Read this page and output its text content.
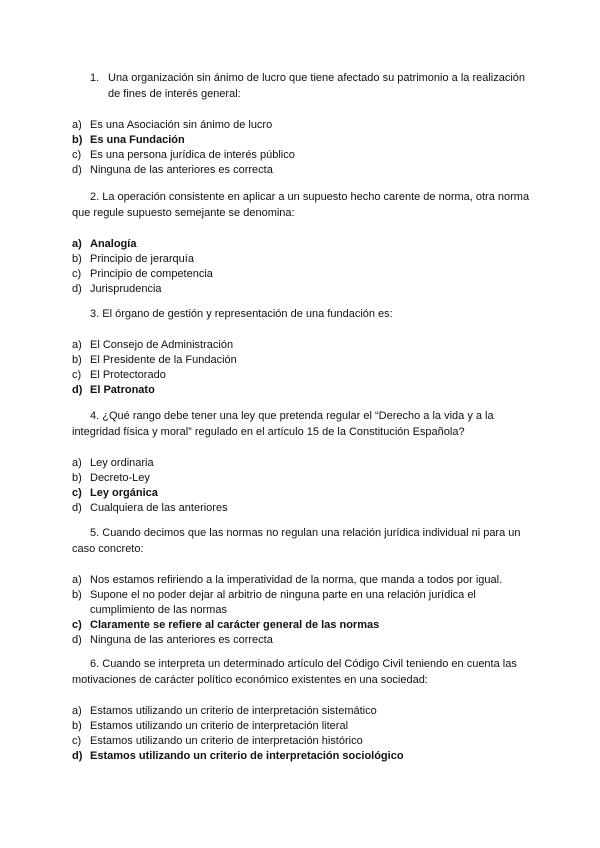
1. Una organización sin ánimo de lucro que tiene afectado su patrimonio a la realización de fines de interés general:
a) Es una Asociación sin ánimo de lucro
b) Es una Fundación
c) Es una persona jurídica de interés público
d) Ninguna de las anteriores es correcta
2. La operación consistente en aplicar a un supuesto hecho carente de norma, otra norma que regule supuesto semejante se denomina:
a) Analogía
b) Principio de jerarquía
c) Principio de competencia
d) Jurisprudencia
3. El órgano de gestión y representación de una fundación es:
a) El Consejo de Administración
b) El Presidente de la Fundación
c) El Protectorado
d) El Patronato
4. ¿Qué rango debe tener una ley que pretenda regular el “Derecho a la vida y a la integridad física y moral” regulado en el artículo 15 de la Constitución Española?
a) Ley ordinaria
b) Decreto-Ley
c) Ley orgánica
d) Cualquiera de las anteriores
5. Cuando decimos que las normas no regulan una relación jurídica individual ni para un caso concreto:
a) Nos estamos refiriendo a la imperatividad de la norma, que manda a todos por igual.
b) Supone el no poder dejar al arbitrio de ninguna parte en una relación jurídica el cumplimiento de las normas
c) Claramente se refiere al carácter general de las normas
d) Ninguna de las anteriores es correcta
6. Cuando se interpreta un determinado artículo del Código Civil teniendo en cuenta las motivaciones de carácter político económico existentes en una sociedad:
a) Estamos utilizando un criterio de interpretación sistemático
b) Estamos utilizando un criterio de interpretación literal
c) Estamos utilizando un criterio de interpretación histórico
d) Estamos utilizando un criterio de interpretación sociológico
